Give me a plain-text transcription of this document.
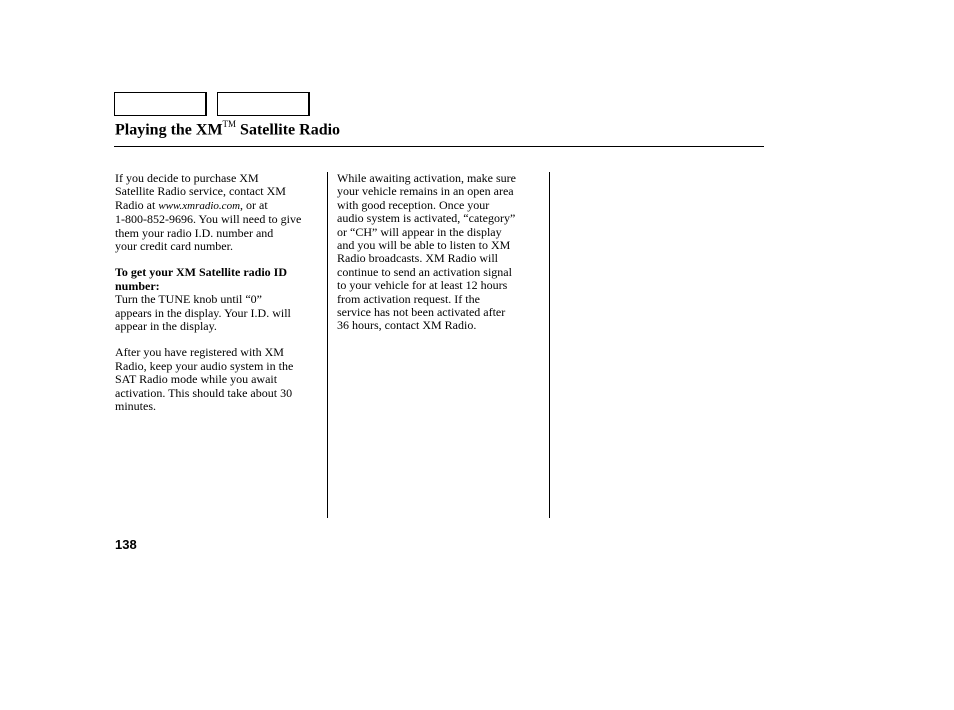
Playing the XM™ Satellite Radio
If you decide to purchase XM
Satellite Radio service, contact XM
Radio at www.xmradio.com, or at
1-800-852-9696. You will need to give
them your radio I.D. number and
your credit card number.
To get your XM Satellite radio ID
number:
Turn the TUNE knob until “0”
appears in the display. Your I.D. will
appear in the display.
After you have registered with XM
Radio, keep your audio system in the
SAT Radio mode while you await
activation. This should take about 30
minutes.
While awaiting activation, make sure
your vehicle remains in an open area
with good reception. Once your
audio system is activated, “category”
or “CH” will appear in the display
and you will be able to listen to XM
Radio broadcasts. XM Radio will
continue to send an activation signal
to your vehicle for at least 12 hours
from activation request. If the
service has not been activated after
36 hours, contact XM Radio.
138
